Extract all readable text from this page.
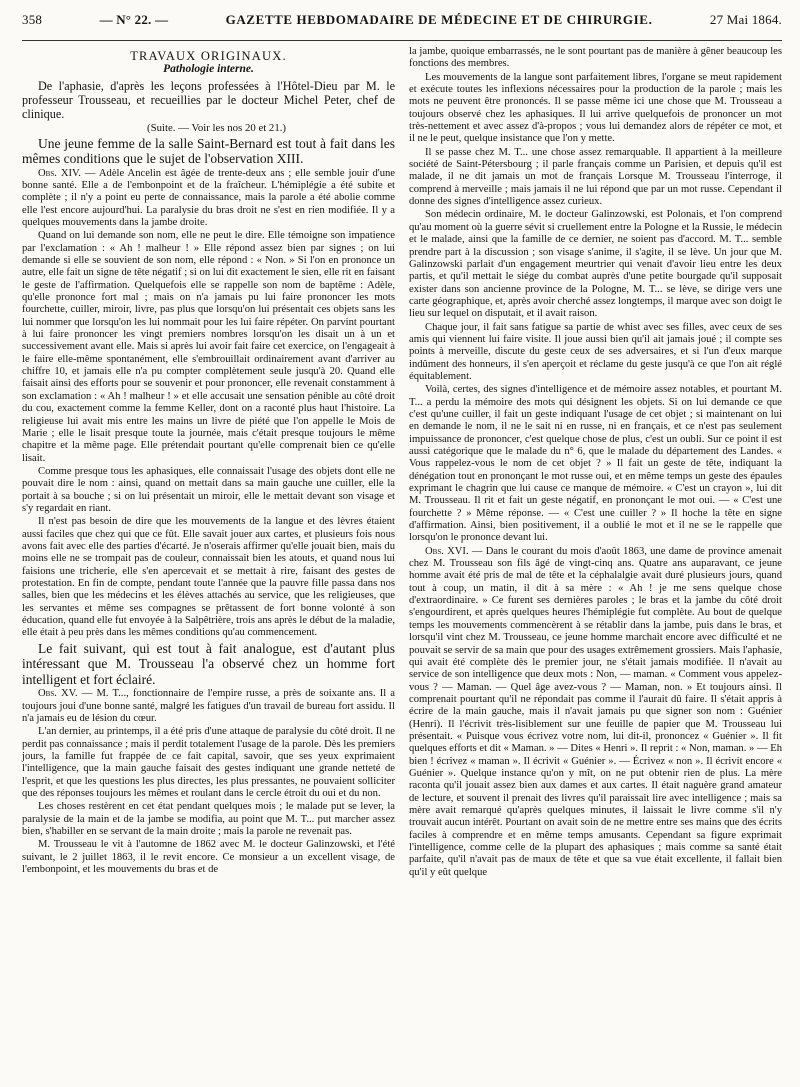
358	— N° 22. —	GAZETTE HEBDOMADAIRE DE MÉDECINE ET DE CHIRURGIE.	27 Mai 1864.
TRAVAUX ORIGINAUX.
Pathologie interne.

De l'aphasie, d'après les leçons professées à l'Hôtel-Dieu par M. le professeur Trousseau, et recueillies par le docteur Michel Peter, chef de clinique.

(Suite. — Voir les nos 20 et 21.)

Une jeune femme de la salle Saint-Bernard est tout à fait dans les mêmes conditions que le sujet de l'observation XIII.

Obs. XIV. — Adèle Ancelin est âgée de trente-deux ans ; elle semble jouir d'une bonne santé. Elle a de l'embonpoint et de la fraîcheur. L'hémiplégie a été subite et complète ; il n'y a point eu perte de connaissance, mais la parole a été abolie comme elle l'est encore aujourd'hui. La paralysie du bras droit ne s'est en rien modifiée. Il y a quelques mouvements dans la jambe droite.

Quand on lui demande son nom, elle ne peut le dire. Elle témoigne son impatience par l'exclamation : « Ah ! malheur ! » Elle répond assez bien par signes ; on lui demande si elle se souvient de son nom, elle répond : « Non. » Si l'on en prononce un autre, elle fait un signe de tête négatif ; si on lui dit exactement le sien, elle rit en faisant le geste de l'affirmation. Quelquefois elle se rappelle son nom de baptême : Adèle, qu'elle prononce fort mal ; mais on n'a jamais pu lui faire prononcer les mots fourchette, cuiller, miroir, livre, pas plus que lorsqu'on lui présentait ces objets sans les lui nommer que lorsqu'on les lui nommait pour les lui faire répéter. On parvint pourtant à lui faire prononcer les vingt premiers nombres lorsqu'on les disait un à un et successivement avant elle. Mais si après lui avoir fait faire cet exercice, on l'engageait à le faire elle-même spontanément, elle s'embrouillait ordinairement avant d'arriver au chiffre 10, et jamais elle n'a pu compter complètement seule jusqu'à 20. Quand elle faisait ainsi des efforts pour se souvenir et pour prononcer, elle revenait constamment à son exclamation : « Ah ! malheur ! » et elle accusait une sensation pénible au côté droit du cou, exactement comme la femme Keller, dont on a raconté plus haut l'histoire. La religieuse lui avait mis entre les mains un livre de piété que l'on appelle le Mois de Marie ; elle le lisait presque toute la journée, mais c'était presque toujours le même chapitre et la même page. Elle prétendait pourtant qu'elle comprenait bien ce qu'elle lisait.

Comme presque tous les aphasiques, elle connaissait l'usage des objets dont elle ne pouvait dire le nom : ainsi, quand on mettait dans sa main gauche une cuiller, elle la portait à sa bouche ; si on lui présentait un miroir, elle le mettait devant son visage et s'y regardait en riant.

Il n'est pas besoin de dire que les mouvements de la langue et des lèvres étaient aussi faciles que chez qui que ce fût. Elle savait jouer aux cartes, et plusieurs fois nous avons fait avec elle des parties d'écarté. Je n'oserais affirmer qu'elle jouait bien, mais du moins elle ne se trompait pas de couleur, connaissait bien les atouts, et quand nous lui faisions une tricherie, elle s'en apercevait et se mettait à rire, faisant des gestes de protestation. En fin de compte, pendant toute l'année que la pauvre fille passa dans nos salles, bien que les médecins et les élèves attachés au service, que les religieuses, que les servantes et même ses compagnes se prêtassent de fort bonne volonté à son éducation, quand elle fut envoyée à la Salpêtrière, trois ans après le début de la maladie, elle était à peu près dans les mêmes conditions qu'au commencement.

Le fait suivant, qui est tout à fait analogue, est d'autant plus intéressant que M. Trousseau l'a observé chez un homme fort intelligent et fort éclairé.

Obs. XV. — M. T..., fonctionnaire de l'empire russe, a près de soixante ans. Il a toujours joui d'une bonne santé, malgré les fatigues d'un travail de bureau fort assidu. Il n'a jamais eu de lésion du cœur.

L'an dernier, au printemps, il a été pris d'une attaque de paralysie du côté droit. Il ne perdit pas connaissance ; mais il perdit totalement l'usage de la parole. Dès les premiers jours, la famille fut frappée de ce fait capital, savoir, que ses yeux exprimaient l'intelligence, que la main gauche faisait des gestes indiquant une grande netteté de l'esprit, et que les questions les plus directes, les plus pressantes, ne pouvaient solliciter que des réponses toujours les mêmes et roulant dans le cercle étroit du oui et du non.

Les choses restèrent en cet état pendant quelques mois ; le malade put se lever, la paralysie de la main et de la jambe se modifia, au point que M. T... put marcher assez bien, s'habiller en se servant de la main droite ; mais la parole ne revenait pas.

M. Trousseau le vit à l'automne de 1862 avec M. le docteur Galinzowski, et l'été suivant, le 2 juillet 1863, il le revit encore. Ce monsieur a un excellent visage, de l'embonpoint, et les mouvements du bras et de

la jambe, quoique embarrassés, ne le sont pourtant pas de manière à gêner beaucoup les fonctions des membres.

Les mouvements de la langue sont parfaitement libres, l'organe se meut rapidement et exécute toutes les inflexions nécessaires pour la production de la parole ; mais les mots ne peuvent être prononcés. Il se passe même ici une chose que M. Trousseau a toujours observé chez les aphasiques. Il lui arrive quelquefois de prononcer un mot très-nettement et avec assez d'à-propos ; vous lui demandez alors de répéter ce mot, et il ne le peut, quelque insistance que l'on y mette.

Il se passe chez M. T... une chose assez remarquable. Il appartient à la meilleure société de Saint-Pétersbourg ; il parle français comme un Parisien, et depuis qu'il est malade, il ne dit jamais un mot de français Lorsque M. Trousseau l'interroge, il comprend à merveille ; mais jamais il ne lui répond que par un mot russe. Cependant il donne des signes d'intelligence assez curieux.

Son médecin ordinaire, M. le docteur Galinzowski, est Polonais, et l'on comprend qu'au moment où la guerre sévit si cruellement entre la Pologne et la Russie, le médecin et le malade, ainsi que la famille de ce dernier, ne soient pas d'accord. M. T... semble prendre part à la discussion ; son visage s'anime, il s'agite, il se lève. Un jour que M. Galinzowski parlait d'un engagement meurtrier qui venait d'avoir lieu entre les deux partis, et qu'il mettait le siége du combat auprès d'une petite bourgade qu'il supposait exister dans son ancienne province de la Pologne, M. T... se lève, se dirige vers une carte géographique, et, après avoir cherché assez longtemps, il marque avec son doigt le lieu sur lequel on disputait, et il avait raison.

Chaque jour, il fait sans fatigue sa partie de whist avec ses filles, avec ceux de ses amis qui viennent lui faire visite. Il joue aussi bien qu'il ait jamais joué ; il compte ses points à merveille, discute du geste ceux de ses adversaires, et si l'un d'eux marque indûment des honneurs, il s'en aperçoit et réclame du geste jusqu'à ce que l'on ait réglé équitablement.

Voilà, certes, des signes d'intelligence et de mémoire assez notables, et pourtant M. T... a perdu la mémoire des mots qui désignent les objets. Si on lui demande ce que c'est qu'une cuiller, il fait un geste indiquant l'usage de cet objet ; si maintenant on lui en demande le nom, il ne le sait ni en russe, ni en français, et ce n'est pas seulement impuissance de prononcer, c'est quelque chose de plus, c'est un oubli. Sur ce point il est aussi catégorique que le malade du n° 6, que le malade du département des Landes. « Vous rappelez-vous le nom de cet objet ? » Il fait un geste de tête, indiquant la dénégation tout en prononçant le mot russe oui, et en même temps un geste des épaules exprimant le chagrin que lui cause ce manque de mémoire. « C'est un crayon », lui dit M. Trousseau. Il rit et fait un geste négatif, en prononçant le mot oui. — « C'est une fourchette ? » Même réponse. — « C'est une cuiller ? » Il hoche la tête en signe d'affirmation. Ainsi, bien positivement, il a oublié le mot et il ne se le rappelle que lorsqu'on le prononce devant lui.

Obs. XVI. — Dans le courant du mois d'août 1863, une dame de province amenait chez M. Trousseau son fils âgé de vingt-cinq ans. Quatre ans auparavant, ce jeune homme avait été pris de mal de tête et la céphalalgie avait duré plusieurs jours, quand tout à coup, un matin, il dit à sa mère : « Ah ! je me sens quelque chose d'extraordinaire. » Ce furent ses dernières paroles ; le bras et la jambe du côté droit s'engourdirent, et après quelques heures l'hémiplégie fut complète. Au bout de quelque temps les mouvements commencèrent à se rétablir dans la jambe, puis dans le bras, et lorsqu'il vint chez M. Trousseau, ce jeune homme marchait encore avec difficulté et ne pouvait se servir de sa main que pour des usages extrêmement grossiers. Mais l'aphasie, qui avait été complète dès le premier jour, ne s'était jamais modifiée. Il n'avait au service de son intelligence que deux mots : Non, — maman. « Comment vous appelez-vous ? — Maman. — Quel âge avez-vous ? — Maman, non. » Et toujours ainsi. Il comprenait pourtant qu'il ne répondait pas comme il l'aurait dû faire. Il s'était appris à écrire de la main gauche, mais il n'avait jamais pu que signer son nom : Guénier (Henri). Il l'écrivit très-lisiblement sur une feuille de papier que M. Trousseau lui présentait. « Puisque vous écrivez votre nom, lui dit-il, prononcez « Guénier ». Il fit quelques efforts et dit « Maman. » — Dites « Henri ». Il reprit : « Non, maman. » — Eh bien ! écrivez « maman ». Il écrivit « Guénier ». — Écrivez « non ». Il écrivit encore « Guénier ». Quelque instance qu'on y mît, on ne put obtenir rien de plus. La mère raconta qu'il jouait assez bien aux dames et aux cartes. Il était naguère grand amateur de lecture, et souvent il prenait des livres qu'il paraissait lire avec intelligence ; mais sa mère avait remarqué qu'après quelques minutes, il laissait le livre comme s'il n'y trouvait aucun intérêt. Pourtant on avait soin de ne mettre entre ses mains que des écrits faciles à comprendre et en même temps amusants. Cependant sa figure exprimait l'intelligence, comme celle de la plupart des aphasiques ; mais comme sa santé était parfaite, qu'il n'avait pas de maux de tête et que sa vue était excellente, il fallait bien qu'il y eût quelque
